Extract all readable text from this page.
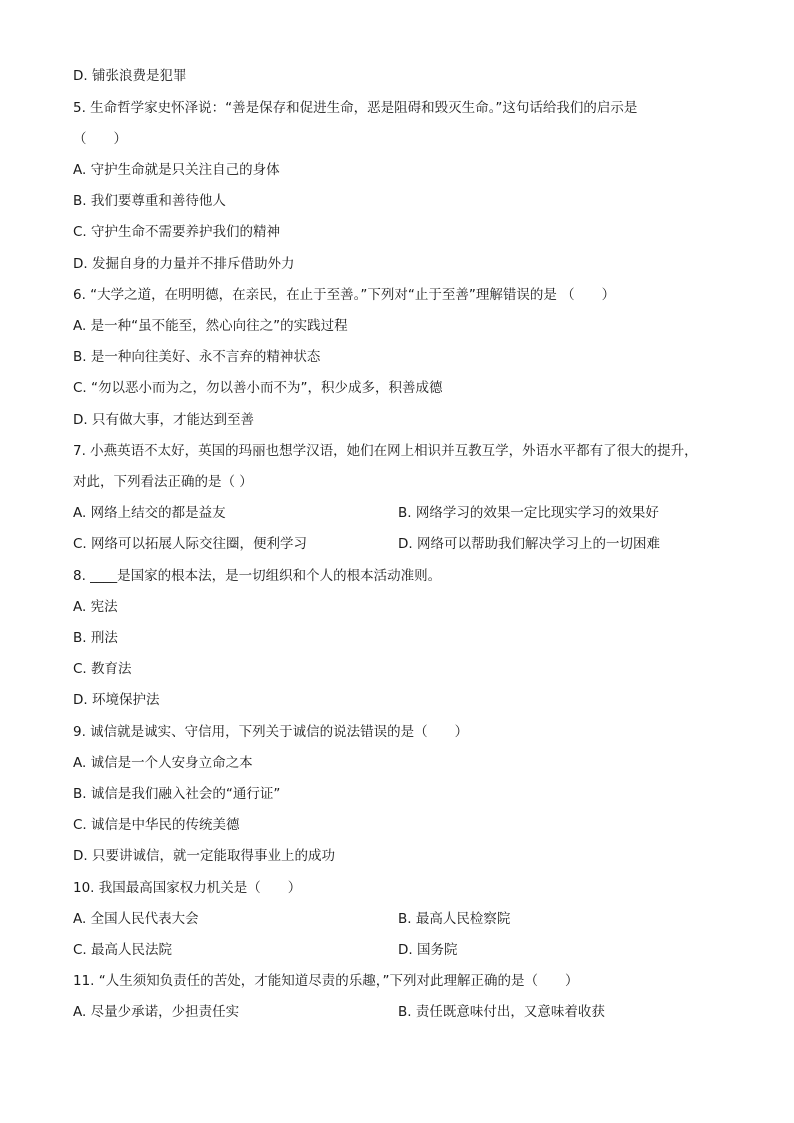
D. 铺张浪费是犯罪
5. 生命哲学家史怀泽说：“善是保存和促进生命，恶是阻碍和毁灭生命。”这句话给我们的启示是
（　　）
A. 守护生命就是只关注自己的身体
B. 我们要尊重和善待他人
C. 守护生命不需要养护我们的精神
D. 发掘自身的力量并不排斥借助外力
6. “大学之道，在明明德，在亲民，在止于至善。”下列对“止于至善”理解错误的是 （　　）
A. 是一种“虽不能至，然心向往之”的实践过程
B. 是一种向往美好、永不言弃的精神状态
C. “勿以恶小而为之，勿以善小而不为”，积少成多，积善成德
D. 只有做大事，才能达到至善
7. 小燕英语不太好，英国的玛丽也想学汉语，她们在网上相识并互教互学，外语水平都有了很大的提升，
对此，下列看法正确的是（ ）
A. 网络上结交的都是益友	B. 网络学习的效果一定比现实学习的效果好
C. 网络可以拓展人际交往圈，便利学习	D. 网络可以帮助我们解决学习上的一切困难
8. ____是国家的根本法，是一切组织和个人的根本活动准则。
A. 宪法
B. 刑法
C. 教育法
D. 环境保护法
9. 诚信就是诚实、守信用，下列关于诚信的说法错误的是（　　）
A. 诚信是一个人安身立命之本
B. 诚信是我们融入社会的“通行证”
C. 诚信是中华民的传统美德
D. 只要讲诚信，就一定能取得事业上的成功
10. 我国最高国家权力机关是（　　）
A. 全国人民代表大会	B. 最高人民检察院
C. 最高人民法院	D. 国务院
11. “人生须知负责任的苦处，才能知道尽责的乐趣，”下列对此理解正确的是（　　）
A. 尽量少承诺，少担责任实	B. 责任既意味付出，又意味着收获
